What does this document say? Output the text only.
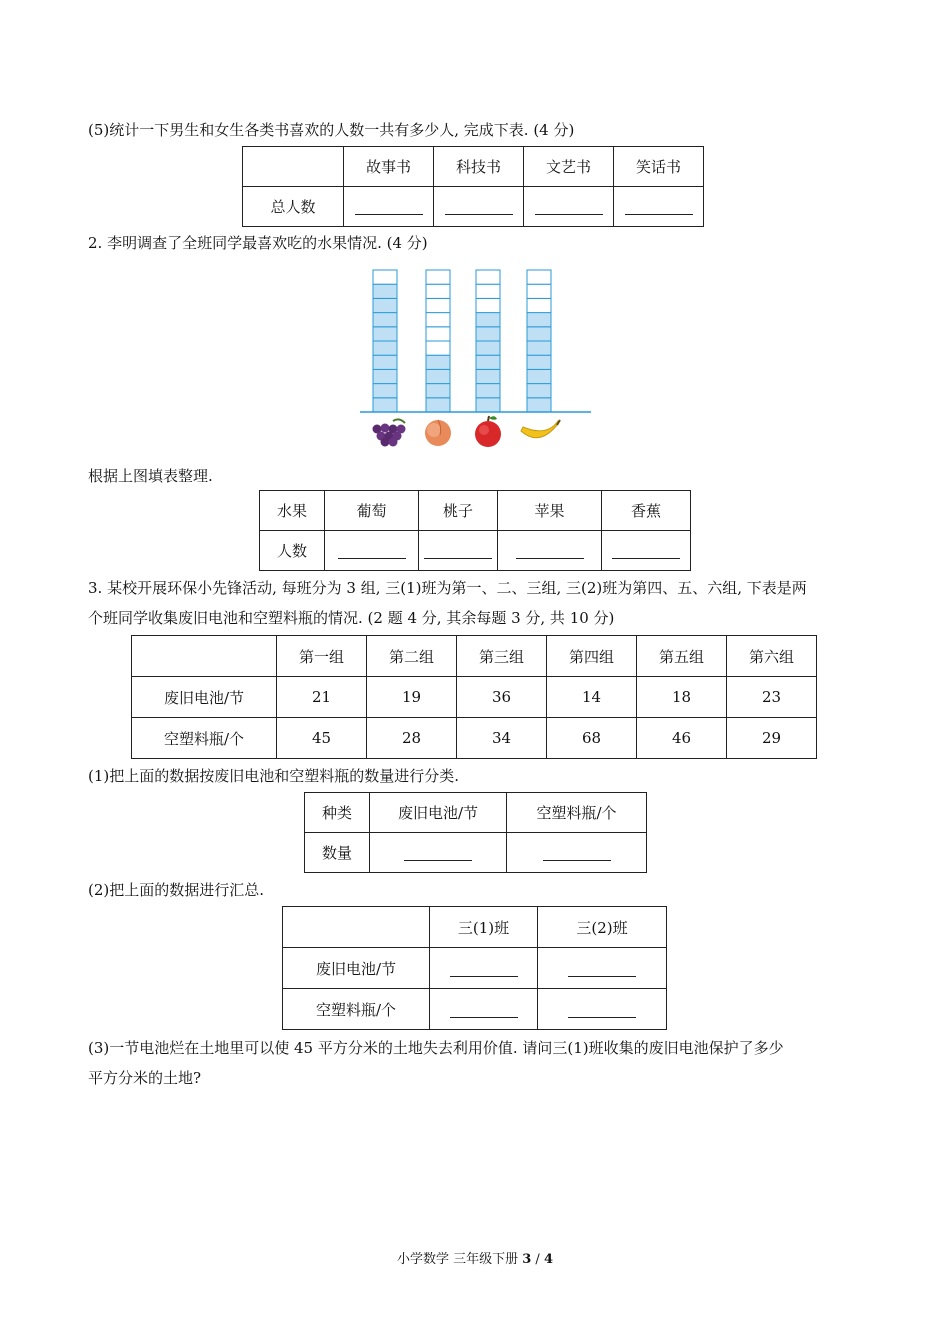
(5)统计一下男生和女生各类书喜欢的人数一共有多少人, 完成下表. (4 分)
	故事书	科技书	文艺书	笑话书
总人数				
2. 李明调查了全班同学最喜欢吃的水果情况. (4 分)
根据上图填表整理.
水果	葡萄	桃子	苹果	香蕉
人数				
3. 某校开展环保小先锋活动, 每班分为 3 组, 三(1)班为第一、二、三组, 三(2)班为第四、五、六组, 下表是两
个班同学收集废旧电池和空塑料瓶的情况. (2 题 4 分, 其余每题 3 分, 共 10 分)
	第一组	第二组	第三组	第四组	第五组	第六组
废旧电池/节	21	19	36	14	18	23
空塑料瓶/个	45	28	34	68	46	29
(1)把上面的数据按废旧电池和空塑料瓶的数量进行分类.
种类	废旧电池/节	空塑料瓶/个
数量		
(2)把上面的数据进行汇总.
	三(1)班	三(2)班
废旧电池/节		
空塑料瓶/个		
(3)一节电池烂在土地里可以使 45 平方分米的土地失去利用价值. 请问三(1)班收集的废旧电池保护了多少
平方分米的土地?
小学数学 三年级下册 3 / 4
